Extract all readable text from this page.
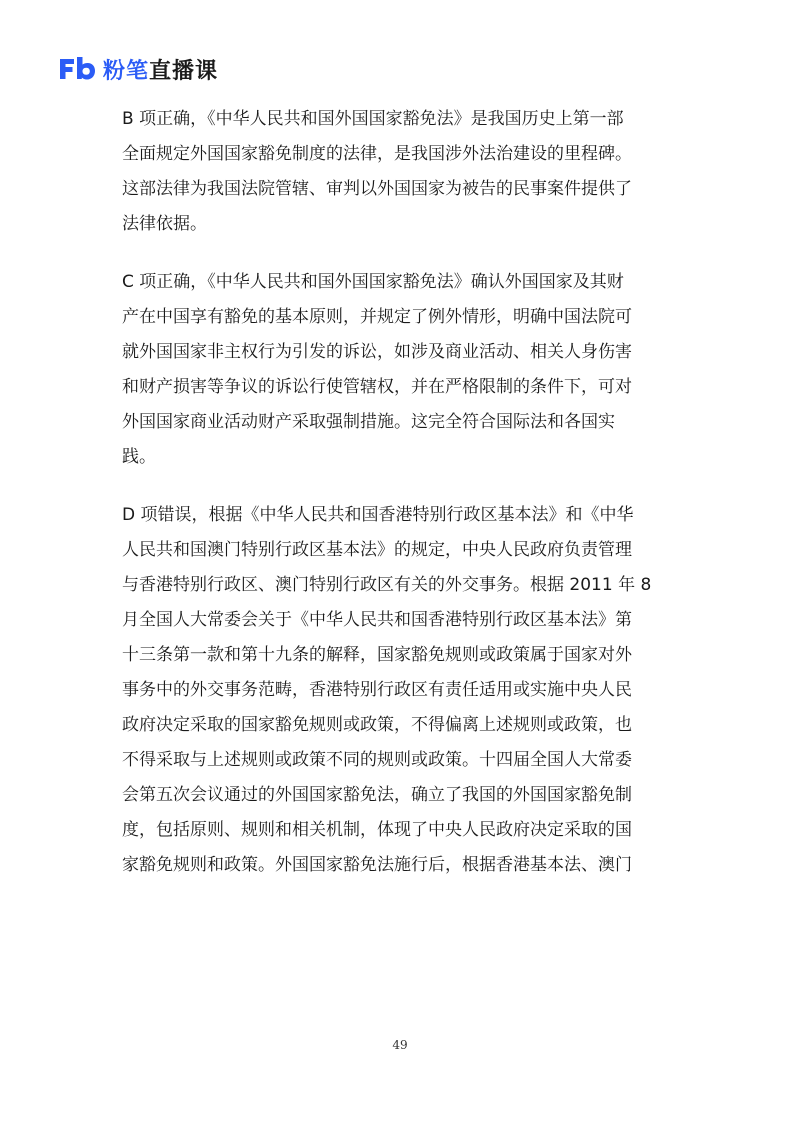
粉笔直播课
B 项正确，《中华人民共和国外国国家豁免法》是我国历史上第一部
全面规定外国国家豁免制度的法律，是我国涉外法治建设的里程碑。
这部法律为我国法院管辖、审判以外国国家为被告的民事案件提供了
法律依据。
C 项正确，《中华人民共和国外国国家豁免法》确认外国国家及其财
产在中国享有豁免的基本原则，并规定了例外情形，明确中国法院可
就外国国家非主权行为引发的诉讼，如涉及商业活动、相关人身伤害
和财产损害等争议的诉讼行使管辖权，并在严格限制的条件下，可对
外国国家商业活动财产采取强制措施。这完全符合国际法和各国实
践。
D 项错误，根据《中华人民共和国香港特别行政区基本法》和《中华
人民共和国澳门特别行政区基本法》的规定，中央人民政府负责管理
与香港特别行政区、澳门特别行政区有关的外交事务。根据 2011 年 8
月全国人大常委会关于《中华人民共和国香港特别行政区基本法》第
十三条第一款和第十九条的解释，国家豁免规则或政策属于国家对外
事务中的外交事务范畴，香港特别行政区有责任适用或实施中央人民
政府决定采取的国家豁免规则或政策，不得偏离上述规则或政策，也
不得采取与上述规则或政策不同的规则或政策。十四届全国人大常委
会第五次会议通过的外国国家豁免法，确立了我国的外国国家豁免制
度，包括原则、规则和相关机制，体现了中央人民政府决定采取的国
家豁免规则和政策。外国国家豁免法施行后，根据香港基本法、澳门
49
